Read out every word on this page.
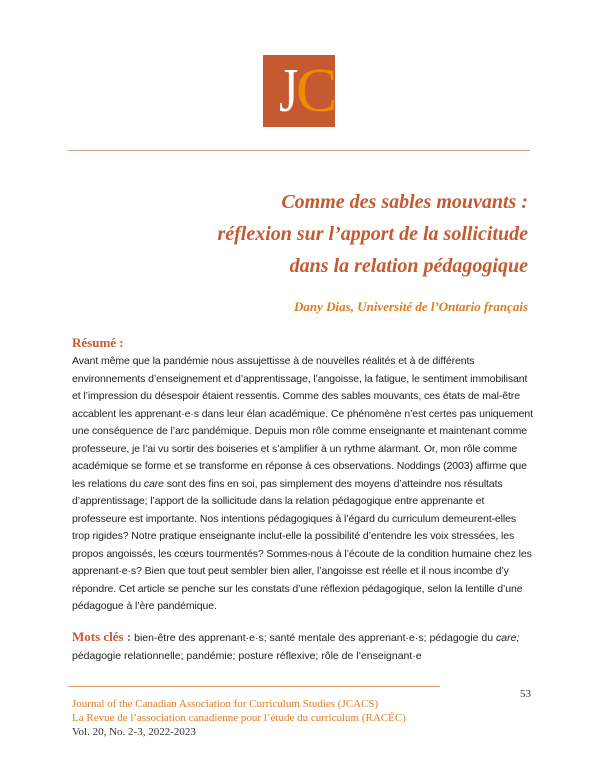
J C
Comme des sables mouvants :
réflexion sur l’apport de la sollicitude
dans la relation pédagogique
Dany Dias, Université de l’Ontario français
Résumé :
Avant même que la pandémie nous assujettisse à de nouvelles réalités et à de différents environnements d’enseignement et d’apprentissage, l’angoisse, la fatigue, le sentiment immobilisant et l’impression du désespoir étaient ressentis. Comme des sables mouvants, ces états de mal-être accablent les apprenant·e·s dans leur élan académique. Ce phénomène n’est certes pas uniquement une conséquence de l’arc pandémique. Depuis mon rôle comme enseignante et maintenant comme professeure, je l’ai vu sortir des boiseries et s’amplifier à un rythme alarmant. Or, mon rôle comme académique se forme et se transforme en réponse à ces observations. Noddings (2003) affirme que les relations du care sont des fins en soi, pas simplement des moyens d’atteindre nos résultats d’apprentissage; l’apport de la sollicitude dans la relation pédagogique entre apprenante et professeure est importante. Nos intentions pédagogiques à l’égard du curriculum demeurent-elles trop rigides? Notre pratique enseignante inclut-elle la possibilité d’entendre les voix stressées, les propos angoissés, les cœurs tourmentés? Sommes-nous à l’écoute de la condition humaine chez les apprenant·e·s? Bien que tout peut sembler bien aller, l’angoisse est réelle et il nous incombe d’y répondre. Cet article se penche sur les constats d’une réflexion pédagogique, selon la lentille d’une pédagogue à l’ère pandémique.
Mots clés : bien-être des apprenant·e·s; santé mentale des apprenant·e·s; pédagogie du care; pédagogie relationnelle; pandémie; posture réflexive; rôle de l’enseignant·e
53
Journal of the Canadian Association for Curriculum Studies (JCACS)
La Revue de l’association canadienne pour l’étude du curriculum (RACÉC)
Vol. 20, No. 2-3, 2022-2023
